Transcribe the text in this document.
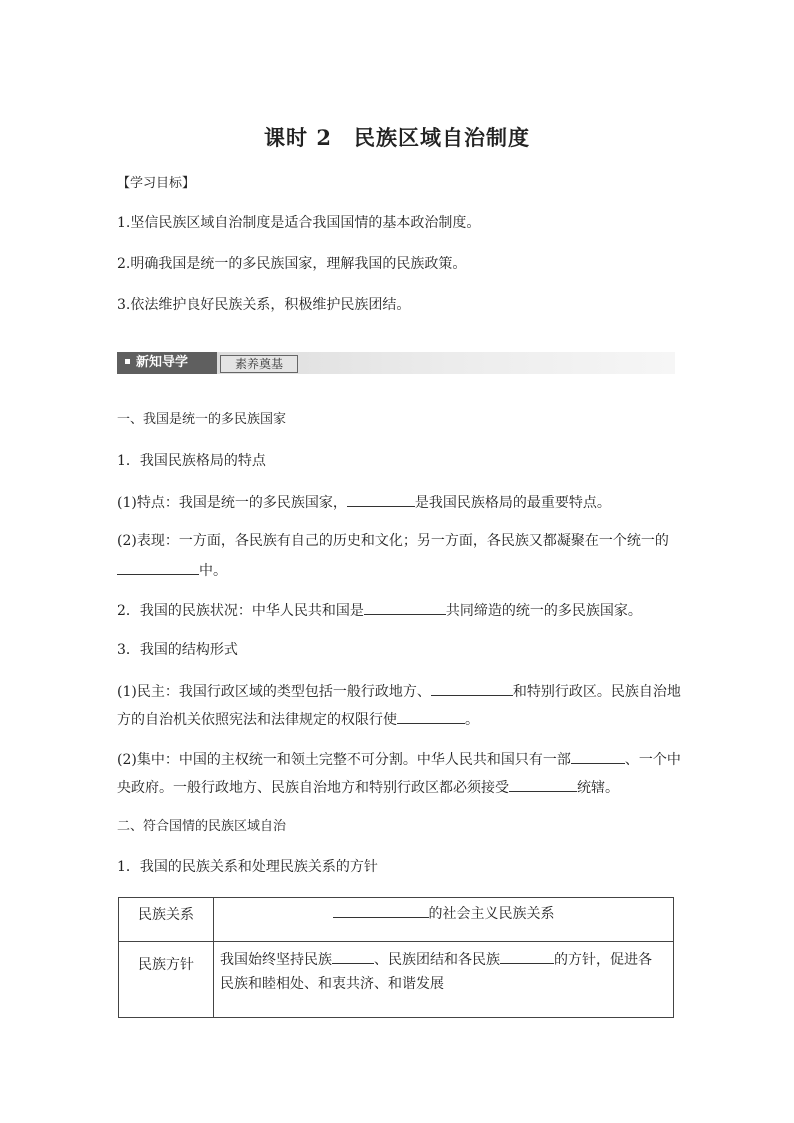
课时 2 民族区域自治制度
【学习目标】
1.坚信民族区域自治制度是适合我国国情的基本政治制度。
2.明确我国是统一的多民族国家，理解我国的民族政策。
3.依法维护良好民族关系，积极维护民族团结。
新知导学	素养奠基
一、我国是统一的多民族国家
1．我国民族格局的特点
(1)特点：我国是统一的多民族国家，	是我国民族格局的最重要特点。
(2)表现：一方面，各民族有自己的历史和文化；另一方面，各民族又都凝聚在一个统一的
中。
2．我国的民族状况：中华人民共和国是	共同缔造的统一的多民族国家。
3．我国的结构形式
(1)民主：我国行政区域的类型包括一般行政地方、	和特别行政区。民族自治地
方的自治机关依照宪法和法律规定的权限行使	。
(2)集中：中国的主权统一和领土完整不可分割。中华人民共和国只有一部	、一个中
央政府。一般行政地方、民族自治地方和特别行政区都必须接受	统辖。
二、符合国情的民族区域自治
1．我国的民族关系和处理民族关系的方针
民族关系	的社会主义民族关系
民族方针	我国始终坚持民族 、民族团结和各民族 的方针，促进各
民族和睦相处、和衷共济、和谐发展
